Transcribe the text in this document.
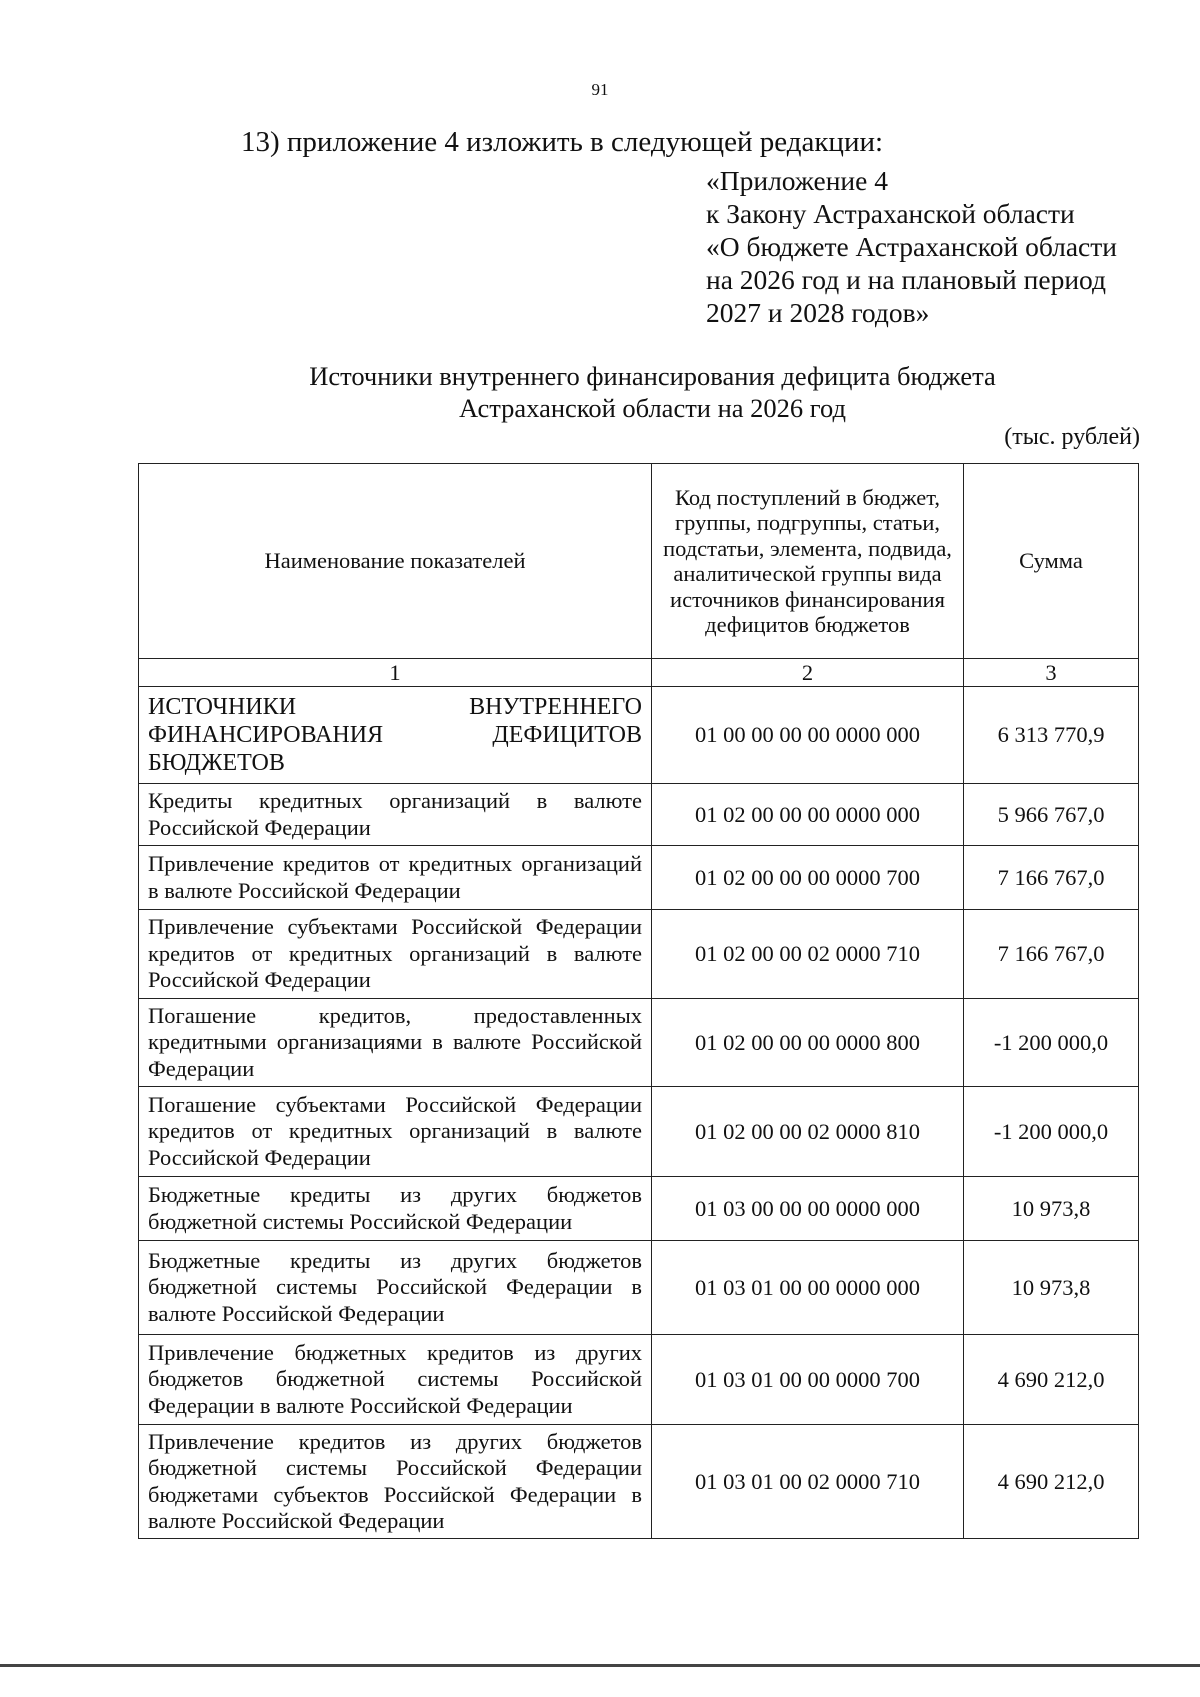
91
13) приложение 4 изложить в следующей редакции:
«Приложение 4
к Закону Астраханской области
«О бюджете Астраханской области
на 2026 год и на плановый период
2027 и 2028 годов»
Источники внутреннего финансирования дефицита бюджета
Астраханской области на 2026 год
(тыс. рублей)
Наименование показателей	Код поступлений в бюджет, группы, подгруппы, статьи, подстатьи, элемента, подвида, аналитической группы вида источников финансирования дефицитов бюджетов	Сумма
1	2	3
ИСТОЧНИКИ ВНУТРЕННЕГО ФИНАНСИРОВАНИЯ ДЕФИЦИТОВ БЮДЖЕТОВ	01 00 00 00 00 0000 000	6 313 770,9
Кредиты кредитных организаций в валюте Российской Федерации	01 02 00 00 00 0000 000	5 966 767,0
Привлечение кредитов от кредитных организаций в валюте Российской Федерации	01 02 00 00 00 0000 700	7 166 767,0
Привлечение субъектами Российской Федерации кредитов от кредитных организаций в валюте Российской Федерации	01 02 00 00 02 0000 710	7 166 767,0
Погашение кредитов, предоставленных кредитными организациями в валюте Российской Федерации	01 02 00 00 00 0000 800	-1 200 000,0
Погашение субъектами Российской Федерации кредитов от кредитных организаций в валюте Российской Федерации	01 02 00 00 02 0000 810	-1 200 000,0
Бюджетные кредиты из других бюджетов бюджетной системы Российской Федерации	01 03 00 00 00 0000 000	10 973,8
Бюджетные кредиты из других бюджетов бюджетной системы Российской Федерации в валюте Российской Федерации	01 03 01 00 00 0000 000	10 973,8
Привлечение бюджетных кредитов из других бюджетов бюджетной системы Российской Федерации в валюте Российской Федерации	01 03 01 00 00 0000 700	4 690 212,0
Привлечение кредитов из других бюджетов бюджетной системы Российской Федерации бюджетами субъектов Российской Федерации в валюте Российской Федерации	01 03 01 00 02 0000 710	4 690 212,0
